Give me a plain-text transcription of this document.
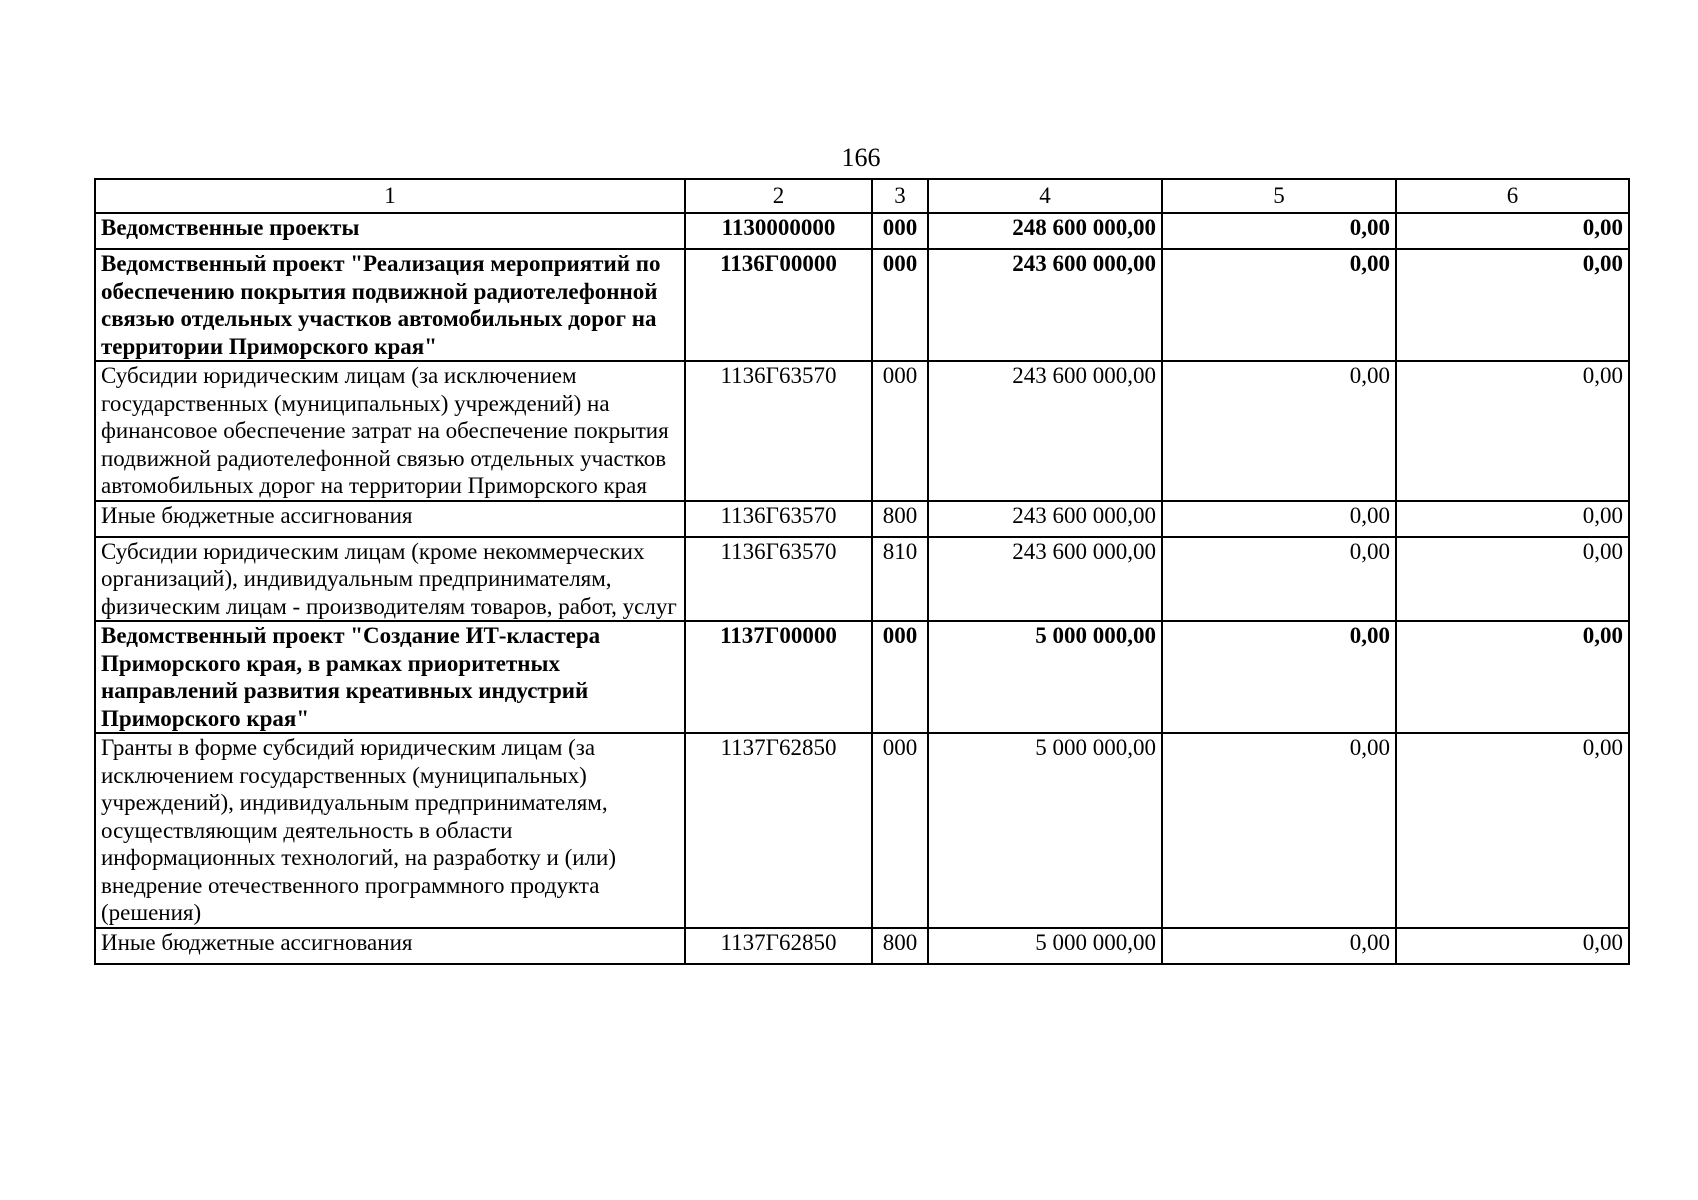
166
1	2	3	4	5	6
Ведомственные проекты	1130000000	000	248 600 000,00	0,00	0,00
Ведомственный проект "Реализация мероприятий по обеспечению покрытия подвижной радиотелефонной связью отдельных участков автомобильных дорог на территории Приморского края"	1136Г00000	000	243 600 000,00	0,00	0,00
Субсидии юридическим лицам (за исключением государственных (муниципальных) учреждений) на финансовое обеспечение затрат на обеспечение покрытия подвижной радиотелефонной связью отдельных участков автомобильных дорог на территории Приморского края	1136Г63570	000	243 600 000,00	0,00	0,00
Иные бюджетные ассигнования	1136Г63570	800	243 600 000,00	0,00	0,00
Субсидии юридическим лицам (кроме некоммерческих организаций), индивидуальным предпринимателям, физическим лицам - производителям товаров, работ, услуг	1136Г63570	810	243 600 000,00	0,00	0,00
Ведомственный проект "Создание ИТ-кластера Приморского края, в рамках приоритетных направлений развития креативных индустрий Приморского края"	1137Г00000	000	5 000 000,00	0,00	0,00
Гранты в форме субсидий юридическим лицам (за исключением государственных (муниципальных) учреждений), индивидуальным предпринимателям, осуществляющим деятельность в области информационных технологий, на разработку и (или) внедрение отечественного программного продукта (решения)	1137Г62850	000	5 000 000,00	0,00	0,00
Иные бюджетные ассигнования	1137Г62850	800	5 000 000,00	0,00	0,00
